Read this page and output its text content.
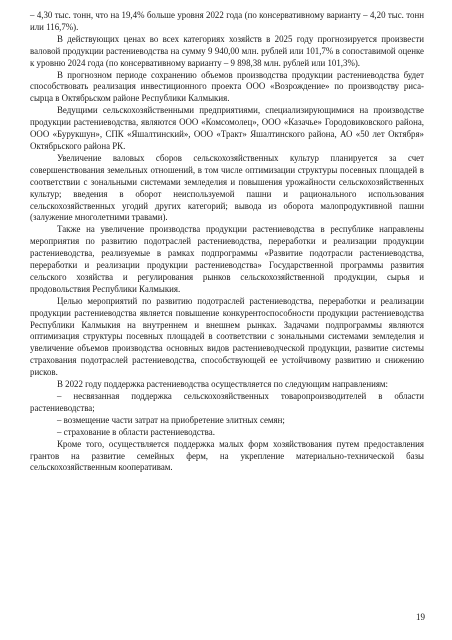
– 4,30 тыс. тонн, что на 19,4% больше уровня 2022 года (по консервативному варианту – 4,20 тыс. тонн или 116,7%).

В действующих ценах во всех категориях хозяйств в 2025 году прогнозируется произвести валовой продукции растениеводства на сумму 9 940,00 млн. рублей или 101,7% в сопоставимой оценке к уровню 2024 года (по консервативному варианту – 9 898,38 млн. рублей или 101,3%).

В прогнозном периоде сохранению объемов производства продукции растениеводства будет способствовать реализация инвестиционного проекта ООО «Возрождение» по производству риса-сырца в Октябрьском районе Республики Калмыкия.

Ведущими сельскохозяйственными предприятиями, специализирующимися на производстве продукции растениеводства, являются ООО «Комсомолец», ООО «Казачье» Городовиковского района, ООО «Бурукшун», СПК «Яшалтинский», ООО «Тракт» Яшалтинского района, АО «50 лет Октября» Октябрьского района РК.

Увеличение валовых сборов сельскохозяйственных культур планируется за счет совершенствования земельных отношений, в том числе оптимизации структуры посевных площадей в соответствии с зональными системами земледелия и повышения урожайности сельскохозяйственных культур; введения в оборот неиспользуемой пашни и рационального использования сельскохозяйственных угодий других категорий; вывода из оборота малопродуктивной пашни (залужение многолетними травами).

Также на увеличение производства продукции растениеводства в республике направлены мероприятия по развитию подотраслей растениеводства, переработки и реализации продукции растениеводства, реализуемые в рамках подпрограммы «Развитие подотрасли растениеводства, переработки и реализации продукции растениеводства» Государственной программы развития сельского хозяйства и регулирования рынков сельскохозяйственной продукции, сырья и продовольствия Республики Калмыкия.

Целью мероприятий по развитию подотраслей растениеводства, переработки и реализации продукции растениеводства является повышение конкурентоспособности продукции растениеводства Республики Калмыкия на внутреннем и внешнем рынках. Задачами подпрограммы являются оптимизация структуры посевных площадей в соответствии с зональными системами земледелия и увеличение объемов производства основных видов растениеводческой продукции, развитие системы страхования подотраслей растениеводства, способствующей ее устойчивому развитию и снижению рисков.

В 2022 году поддержка растениеводства осуществляется по следующим направлениям:

– несвязанная поддержка сельскохозяйственных товаропроизводителей в области растениеводства;

– возмещение части затрат на приобретение элитных семян;

– страхование в области растениеводства.

Кроме того, осуществляется поддержка малых форм хозяйствования путем предоставления грантов на развитие семейных ферм, на укрепление материально-технической базы сельскохозяйственным кооперативам.

19
